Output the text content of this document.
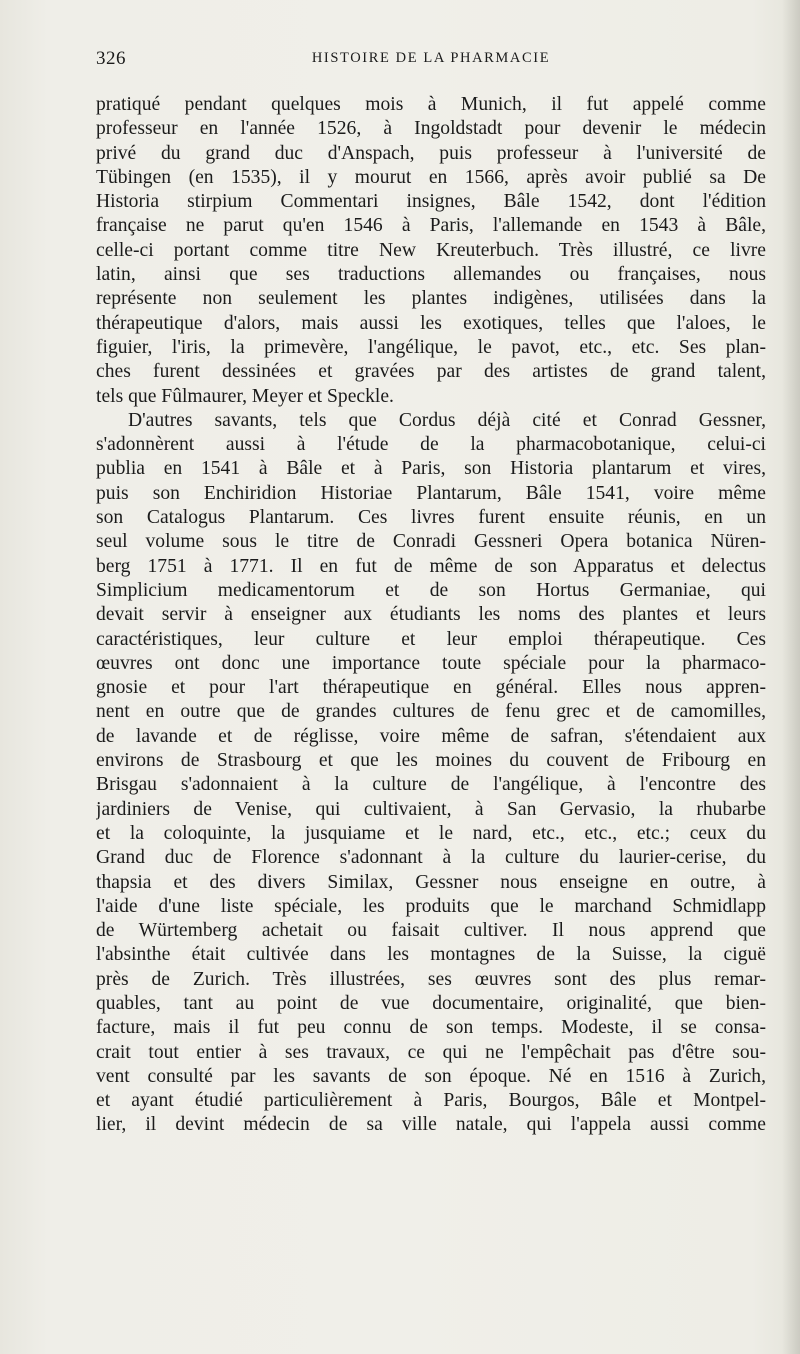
326	HISTOIRE DE LA PHARMACIE
pratiqué pendant quelques mois à Munich, il fut appelé comme
professeur en l'année 1526, à Ingoldstadt pour devenir le médecin
privé du grand duc d'Anspach, puis professeur à l'université de
Tübingen (en 1535), il y mourut en 1566, après avoir publié sa De
Historia stirpium Commentari insignes, Bâle 1542, dont l'édition
française ne parut qu'en 1546 à Paris, l'allemande en 1543 à Bâle,
celle-ci portant comme titre New Kreuterbuch. Très illustré, ce livre
latin, ainsi que ses traductions allemandes ou françaises, nous
représente non seulement les plantes indigènes, utilisées dans la
thérapeutique d'alors, mais aussi les exotiques, telles que l'aloes, le
figuier, l'iris, la primevère, l'angélique, le pavot, etc., etc. Ses plan-
ches furent dessinées et gravées par des artistes de grand talent,
tels que Fûlmaurer, Meyer et Speckle.
D'autres savants, tels que Cordus déjà cité et Conrad Gessner,
s'adonnèrent aussi à l'étude de la pharmacobotanique, celui-ci
publia en 1541 à Bâle et à Paris, son Historia plantarum et vires,
puis son Enchiridion Historiae Plantarum, Bâle 1541, voire même
son Catalogus Plantarum. Ces livres furent ensuite réunis, en un
seul volume sous le titre de Conradi Gessneri Opera botanica Nüren-
berg 1751 à 1771. Il en fut de même de son Apparatus et delectus
Simplicium medicamentorum et de son Hortus Germaniae, qui
devait servir à enseigner aux étudiants les noms des plantes et leurs
caractéristiques, leur culture et leur emploi thérapeutique. Ces
œuvres ont donc une importance toute spéciale pour la pharmaco-
gnosie et pour l'art thérapeutique en général. Elles nous appren-
nent en outre que de grandes cultures de fenu grec et de camomilles,
de lavande et de réglisse, voire même de safran, s'étendaient aux
environs de Strasbourg et que les moines du couvent de Fribourg en
Brisgau s'adonnaient à la culture de l'angélique, à l'encontre des
jardiniers de Venise, qui cultivaient, à San Gervasio, la rhubarbe
et la coloquinte, la jusquiame et le nard, etc., etc., etc.; ceux du
Grand duc de Florence s'adonnant à la culture du laurier-cerise, du
thapsia et des divers Similax, Gessner nous enseigne en outre, à
l'aide d'une liste spéciale, les produits que le marchand Schmidlapp
de Würtemberg achetait ou faisait cultiver. Il nous apprend que
l'absinthe était cultivée dans les montagnes de la Suisse, la ciguë
près de Zurich. Très illustrées, ses œuvres sont des plus remar-
quables, tant au point de vue documentaire, originalité, que bien-
facture, mais il fut peu connu de son temps. Modeste, il se consa-
crait tout entier à ses travaux, ce qui ne l'empêchait pas d'être sou-
vent consulté par les savants de son époque. Né en 1516 à Zurich,
et ayant étudié particulièrement à Paris, Bourgos, Bâle et Montpel-
lier, il devint médecin de sa ville natale, qui l'appela aussi comme
